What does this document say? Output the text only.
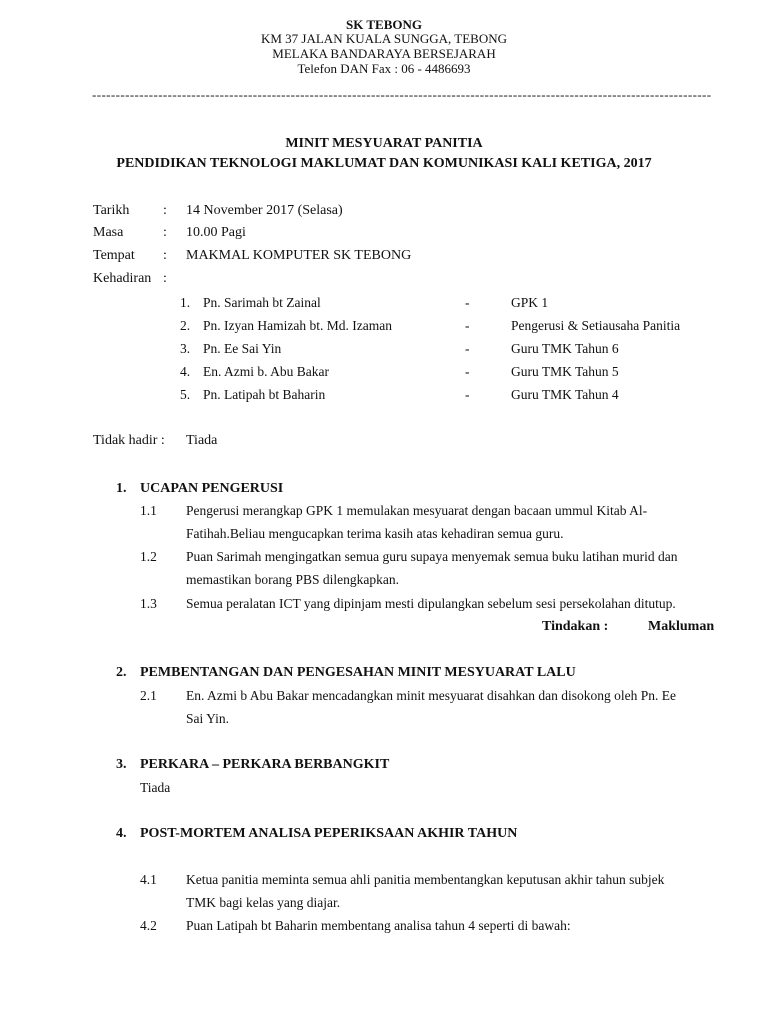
SK TEBONG
KM 37 JALAN KUALA SUNGGA, TEBONG
MELAKA BANDARAYA BERSEJARAH
Telefon DAN Fax : 06 - 4486693
-----------------------------------------------------------------------------------------------------------------------------------
MINIT MESYUARAT PANITIA
PENDIDIKAN TEKNOLOGI MAKLUMAT DAN KOMUNIKASI KALI KETIGA, 2017
Tarikh : 14 November 2017 (Selasa)
Masa	: 10.00 Pagi
Tempat : MAKMAL KOMPUTER SK TEBONG
Kehadiran :
1. Pn. Sarimah bt Zainal	-	GPK 1
2. Pn. Izyan Hamizah bt. Md. Izaman	-	Pengerusi & Setiausaha Panitia
3. Pn. Ee Sai Yin	-	Guru TMK Tahun 6
4. En. Azmi b. Abu Bakar	-	Guru TMK Tahun 5
5. Pn. Latipah bt Baharin	-	Guru TMK Tahun 4
Tidak hadir : Tiada
1. UCAPAN PENGERUSI
1.1 Pengerusi merangkap GPK 1 memulakan mesyuarat dengan bacaan ummul Kitab Al-
Fatihah.Beliau mengucapkan terima kasih atas kehadiran semua guru.
1.2 Puan Sarimah mengingatkan semua guru supaya menyemak semua buku latihan murid dan
memastikan borang PBS dilengkapkan.
1.3 Semua peralatan ICT yang dipinjam mesti dipulangkan sebelum sesi persekolahan ditutup.
Tindakan :	Makluman
2. PEMBENTANGAN DAN PENGESAHAN MINIT MESYUARAT LALU
2.1 En. Azmi b Abu Bakar mencadangkan minit mesyuarat disahkan dan disokong oleh Pn. Ee
Sai Yin.
3. PERKARA – PERKARA BERBANGKIT
Tiada
4. POST-MORTEM ANALISA PEPERIKSAAN AKHIR TAHUN
4.1 Ketua panitia meminta semua ahli panitia membentangkan keputusan akhir tahun subjek
TMK bagi kelas yang diajar.
4.2 Puan Latipah bt Baharin membentang analisa tahun 4 seperti di bawah:
